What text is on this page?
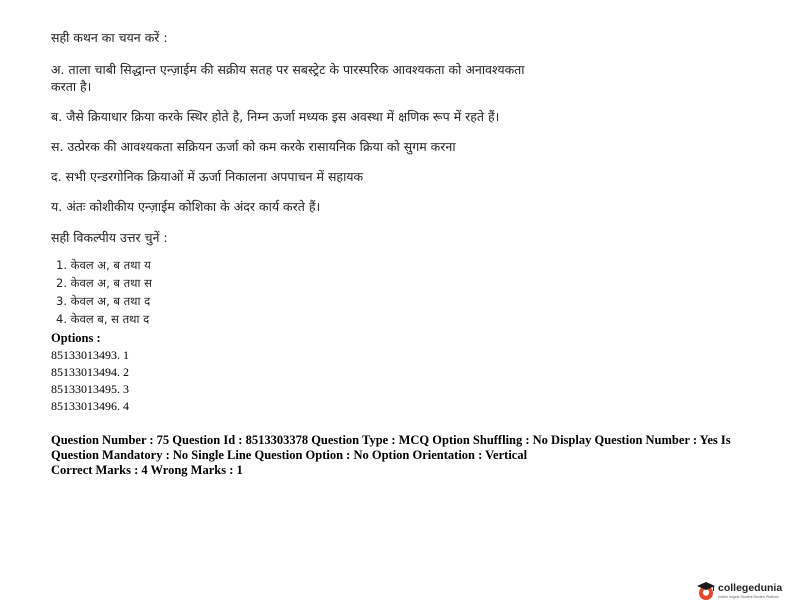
सही कथन का चयन करें :
अ. ताला चाबी सिद्धान्त एन्ज़ाईम की सक्रीय सतह पर सबस्ट्रेट के पारस्परिक आवश्यकता को अनावश्यकता
करता है।
ब. जैसे क्रियाधार क्रिया करके स्थिर होते है, निम्न ऊर्जा मध्यक इस अवस्था में क्षणिक रूप में रहते हैं।
स. उत्प्रेरक की आवश्यकता सक्रियन ऊर्जा को कम करके रासायनिक क्रिया को सुगम करना
द. सभी एन्डरगोनिक क्रियाओं में ऊर्जा निकालना अपपाचन में सहायक
य. अंतः कोशीकीय एन्ज़ाईम कोशिका के अंदर कार्य करते हैं।
सही विकल्पीय उत्तर चुनें :
1. केवल अ, ब तथा य
2. केवल अ, ब तथा स
3. केवल अ, ब तथा द
4. केवल ब, स तथा द
Options :
85133013493. 1
85133013494. 2
85133013495. 3
85133013496. 4
Question Number : 75 Question Id : 8513303378 Question Type : MCQ Option Shuffling : No Display Question Number : Yes Is
Question Mandatory : No Single Line Question Option : No Option Orientation : Vertical
Correct Marks : 4 Wrong Marks : 1
collegedunia
India's largest Student Review Platform
